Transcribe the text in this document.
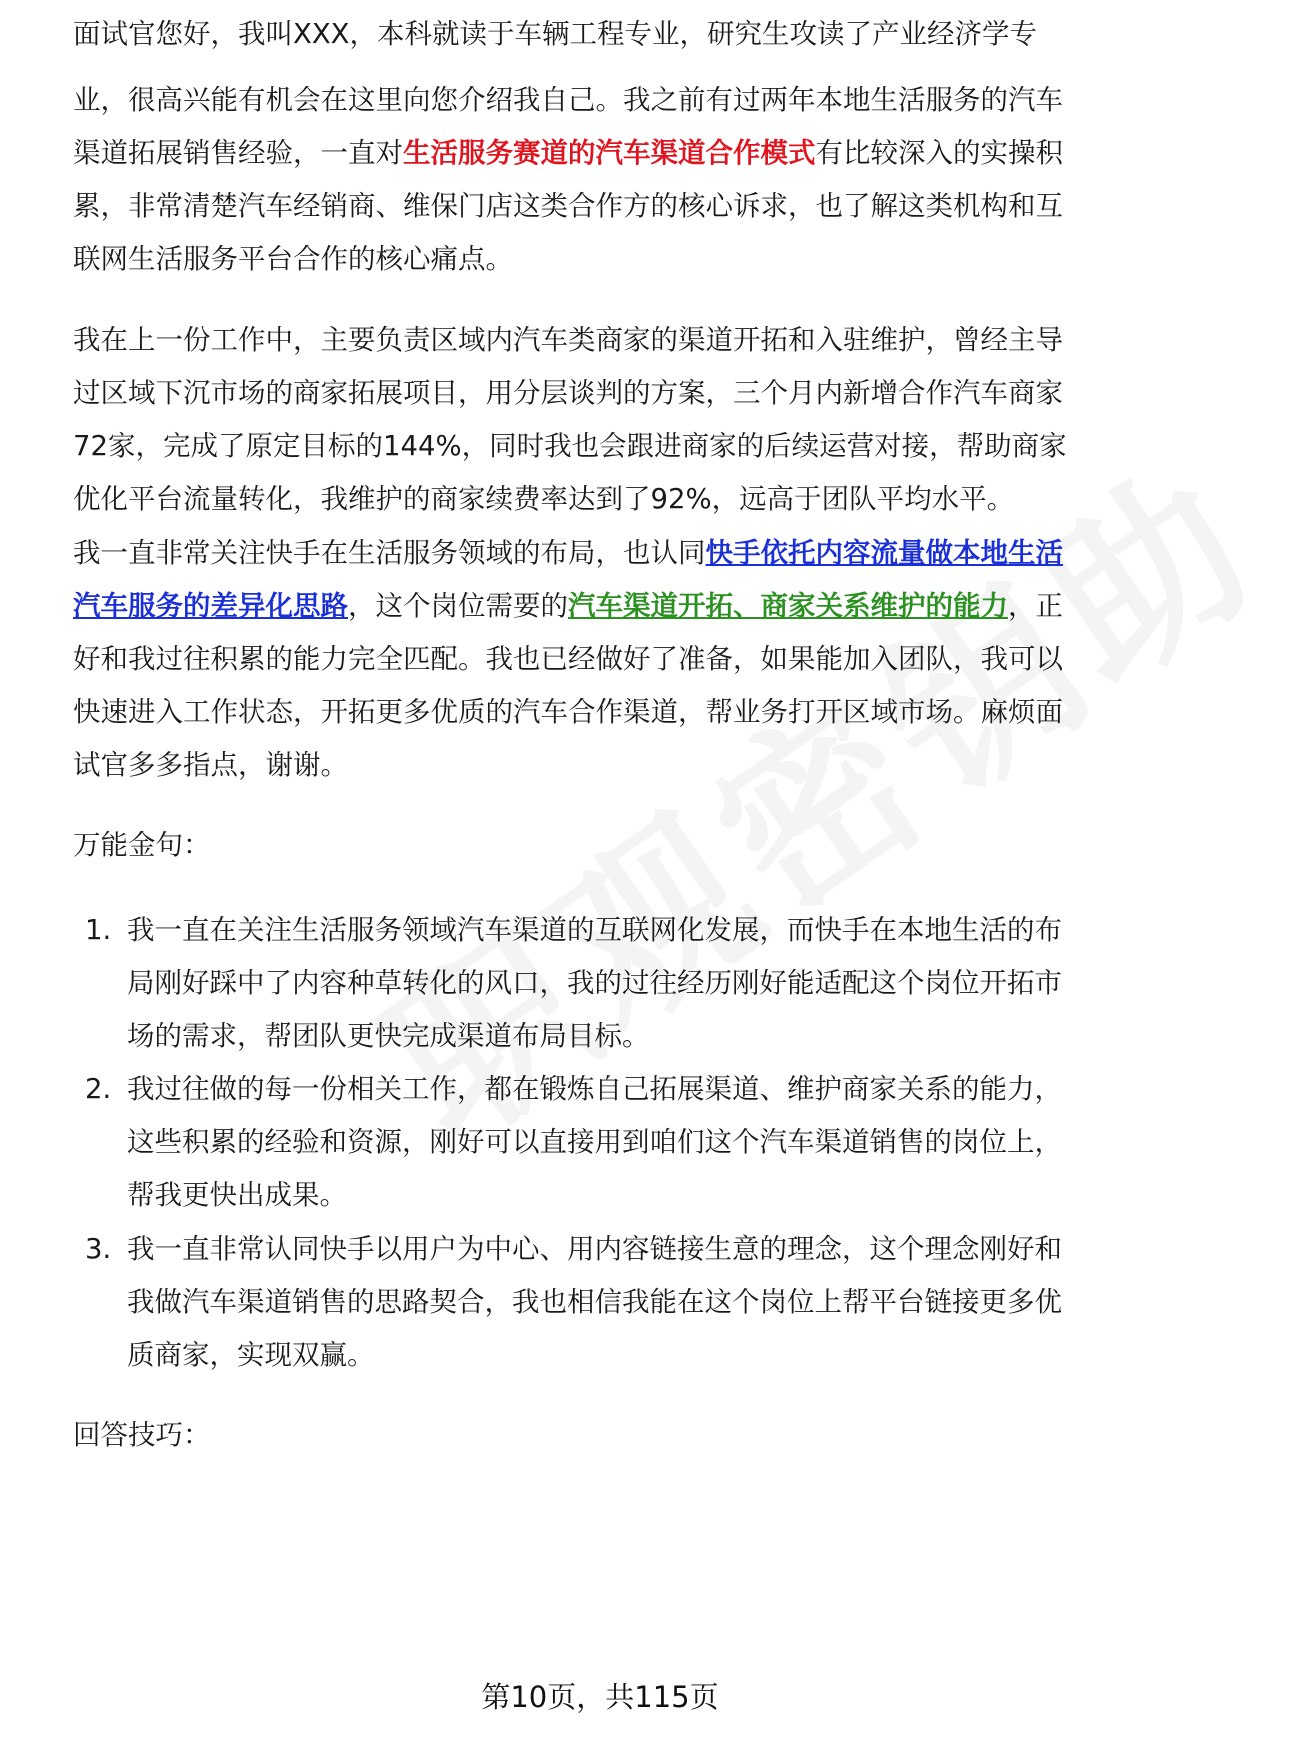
面试官您好，我叫XXX，本科就读于车辆工程专业，研究生攻读了产业经济学专
业，很高兴能有机会在这里向您介绍我自己。我之前有过两年本地生活服务的汽车
渠道拓展销售经验，一直对生活服务赛道的汽车渠道合作模式有比较深入的实操积
累，非常清楚汽车经销商、维保门店这类合作方的核心诉求，也了解这类机构和互
联网生活服务平台合作的核心痛点。
我在上一份工作中，主要负责区域内汽车类商家的渠道开拓和入驻维护，曾经主导
过区域下沉市场的商家拓展项目，用分层谈判的方案，三个月内新增合作汽车商家
72家，完成了原定目标的144%，同时我也会跟进商家的后续运营对接，帮助商家
优化平台流量转化，我维护的商家续费率达到了92%，远高于团队平均水平。
我一直非常关注快手在生活服务领域的布局，也认同快手依托内容流量做本地生活
汽车服务的差异化思路，这个岗位需要的汽车渠道开拓、商家关系维护的能力，正
好和我过往积累的能力完全匹配。我也已经做好了准备，如果能加入团队，我可以
快速进入工作状态，开拓更多优质的汽车合作渠道，帮业务打开区域市场。麻烦面
试官多多指点，谢谢。
万能金句：
1. 我一直在关注生活服务领域汽车渠道的互联网化发展，而快手在本地生活的布
局刚好踩中了内容种草转化的风口，我的过往经历刚好能适配这个岗位开拓市
场的需求，帮团队更快完成渠道布局目标。
2. 我过往做的每一份相关工作，都在锻炼自己拓展渠道、维护商家关系的能力，
这些积累的经验和资源，刚好可以直接用到咱们这个汽车渠道销售的岗位上，
帮我更快出成果。
3. 我一直非常认同快手以用户为中心、用内容链接生意的理念，这个理念刚好和
我做汽车渠道销售的思路契合，我也相信我能在这个岗位上帮平台链接更多优
质商家，实现双赢。
回答技巧：
第10页，共115页
